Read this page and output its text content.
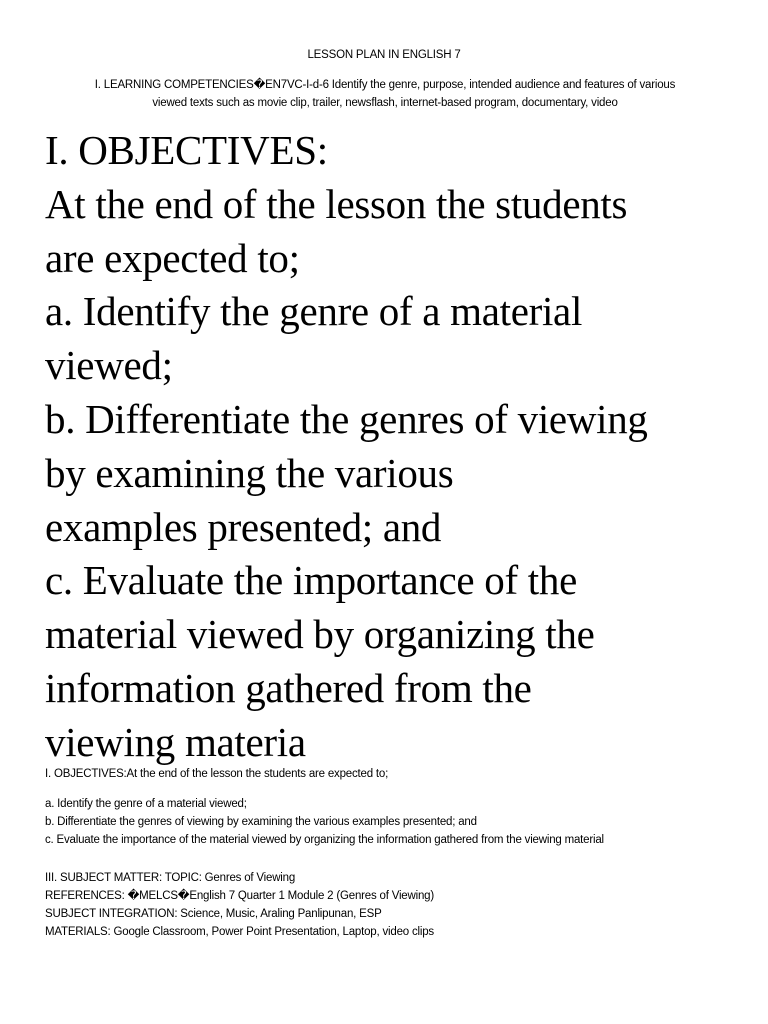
LESSON PLAN IN ENGLISH 7
I. LEARNING COMPETENCIES�EN7VC-I-d-6 Identify the genre, purpose, intended audience and features of various
viewed texts such as movie clip, trailer, newsflash, internet-based program, documentary, video
I. OBJECTIVES:
At the end of the lesson the students
are expected to;
a. Identify the genre of a material
viewed;
b. Differentiate the genres of viewing
by examining the various
examples presented; and
c. Evaluate the importance of the
material viewed by organizing the
information gathered from the
viewing materia
I. OBJECTIVES:At the end of the lesson the students are expected to;
a. Identify the genre of a material viewed;
b. Differentiate the genres of viewing by examining the various examples presented; and
c. Evaluate the importance of the material viewed by organizing the information gathered from the viewing material
III. SUBJECT MATTER: TOPIC: Genres of Viewing
REFERENCES: �MELCS�English 7 Quarter 1 Module 2 (Genres of Viewing)
SUBJECT INTEGRATION: Science, Music, Araling Panlipunan, ESP
MATERIALS: Google Classroom, Power Point Presentation, Laptop, video clips
